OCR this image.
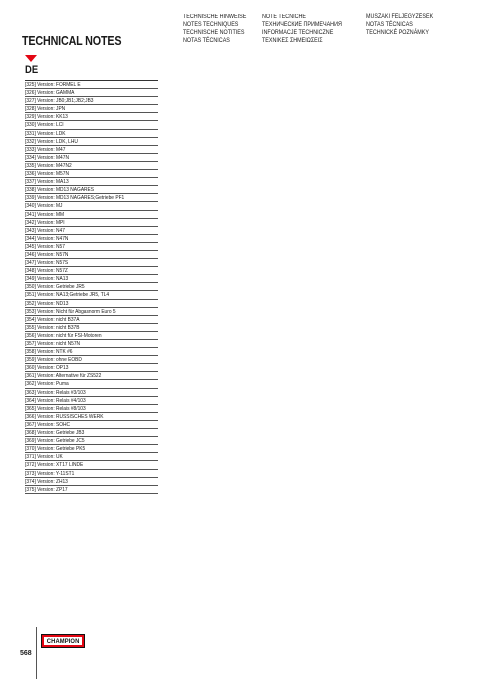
TECHNICAL NOTES
TECHNISCHE HINWEISE
NOTES TECHNIQUES
TECHNISCHE NOTITIES
NOTAS TÉCNICAS
NOTE TECNICHE
ТЕХНИЧЕСКИЕ ПРИМЕЧАНИЯ
INFORMACJE TECHNICZNE
ΤΕΧΝΙΚΕΣ ΣΗΜΕΙΩΣΕΙΣ
MŰSZAKI FELJEGYZÉSEK
NOTAS TÉCNICAS
TECHNICKÉ POZNÁMKY
DE
[325] Version: FORMEL E
[326] Version: GAMMA
[327] Version: JB0;JB1;JB2;JB3
[328] Version: JPN
[329] Version: KK13
[330] Version: LCI
[331] Version: LDK
[332] Version: LDK, LHU
[333] Version: M47
[334] Version: M47N
[335] Version: M47N2
[336] Version: M57N
[337] Version: MA13
[338] Version: MD13 NAGARES
[339] Version: MD13 NAGARES;Getriebe PF1
[340] Version: MJ
[341] Version: MM
[342] Version: MPI
[343] Version: N47
[344] Version: N47N
[345] Version: N57
[346] Version: N57N
[347] Version: N57S
[348] Version: N57Z
[349] Version: NA13
[350] Version: Getriebe JR5
[351] Version: NA13;Getriebe JR5, TL4
[352] Version: ND13
[353] Version: Nicht für Abgasnorm Euro 5
[354] Version: nicht B37A
[355] Version: nicht B37B
[356] Version: nicht für FSI-Motoren
[357] Version: nicht N57N
[358] Version: NTK #6
[359] Version: ohne EOBD
[360] Version: OP13
[361] Version: Alternative für ZS522
[362] Version: Puma
[363] Version: Relais #3/103
[364] Version: Relais #4/103
[365] Version: Relais #8/103
[366] Version: RUSSISCHES WERK
[367] Version: SOHC
[368] Version: Getriebe JB3
[369] Version: Getriebe JC5
[370] Version: Getriebe PK5
[371] Version: UK
[372] Version: XT17 LINDE
[373] Version: Y-11ST1
[374] Version: ZH13
[375] Version: ZP17
568
CHAMPION
